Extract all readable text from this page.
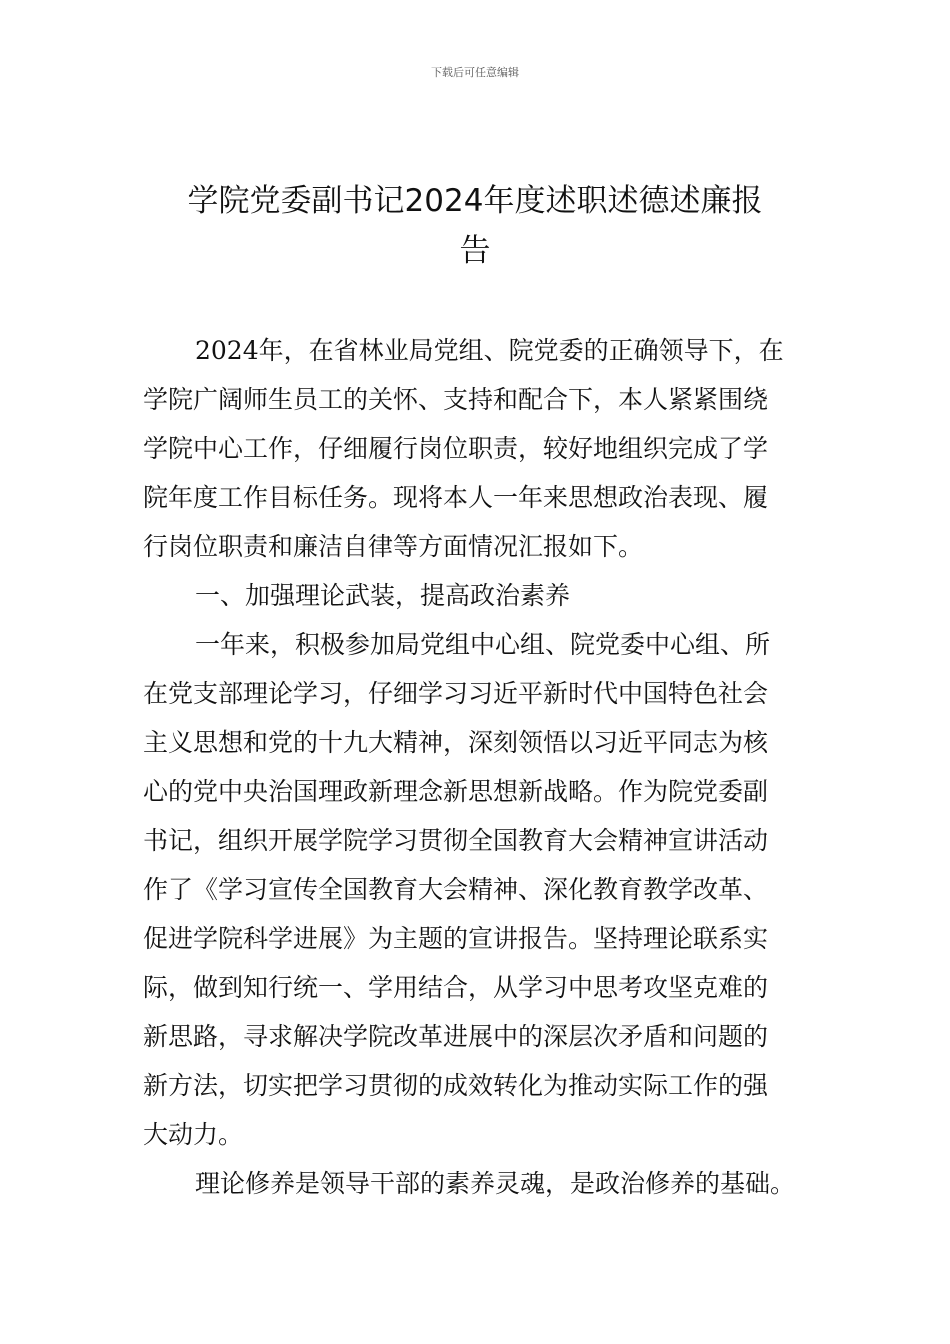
下载后可任意编辑
学院党委副书记2024年度述职述德述廉报
告
2024年，在省林业局党组、院党委的正确领导下，在
学院广阔师生员工的关怀、支持和配合下，本人紧紧围绕
学院中心工作，仔细履行岗位职责，较好地组织完成了学
院年度工作目标任务。现将本人一年来思想政治表现、履
行岗位职责和廉洁自律等方面情况汇报如下。
一、加强理论武装，提高政治素养
一年来，积极参加局党组中心组、院党委中心组、所
在党支部理论学习，仔细学习习近平新时代中国特色社会
主义思想和党的十九大精神，深刻领悟以习近平同志为核
心的党中央治国理政新理念新思想新战略。作为院党委副
书记，组织开展学院学习贯彻全国教育大会精神宣讲活动
作了《学习宣传全国教育大会精神、深化教育教学改革、
促进学院科学进展》为主题的宣讲报告。坚持理论联系实
际，做到知行统一、学用结合，从学习中思考攻坚克难的
新思路，寻求解决学院改革进展中的深层次矛盾和问题的
新方法，切实把学习贯彻的成效转化为推动实际工作的强
大动力。
理论修养是领导干部的素养灵魂，是政治修养的基础。
